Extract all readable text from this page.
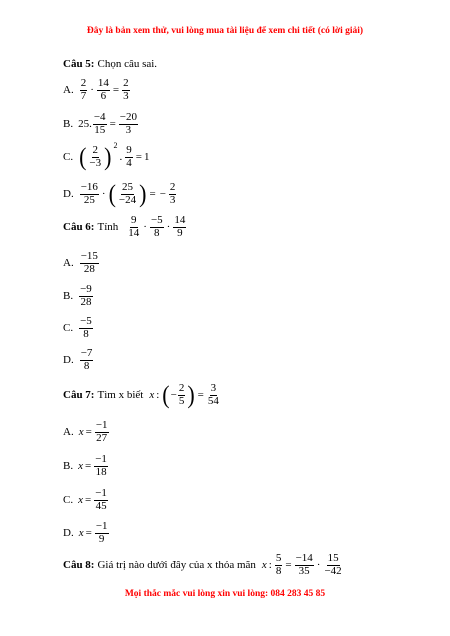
Đây là bản xem thử, vui lòng mua tài liệu để xem chi tiết (có lời giải)
Câu 5: Chọn câu sai.
A. $\frac{2}{7} \cdot \frac{14}{6} = \frac{2}{3}$
B. 25. $\frac{-4}{15} = \frac{-20}{3}$
C. ( $\frac{2}{-3}$ ) 2
. $\frac{9}{4} = 1$
D. $\frac{-16}{25}$ · ( $\frac{25}{-24}$ ) = − $\frac{2}{3}$
Câu 6: Tính $\frac{9}{14} \cdot \frac{-5}{8} \cdot \frac{14}{9}$
A. $\frac{-15}{28}$
B. $\frac{-9}{28}$
C. $\frac{-5}{8}$
D. $\frac{-7}{8}$
Câu 7: Tìm x biết x : ( − $\frac{2}{5}$ ) = $\frac{3}{54}$
A. $x = \frac{-1}{27}$
B. $x = \frac{-1}{18}$
C. $x = \frac{-1}{45}$
D. $x = \frac{-1}{9}$
Câu 8: Giá trị nào dưới đây của x thỏa mãn x : $\frac{5}{8} = \frac{-14}{35} \cdot \frac{15}{-42}$
Mọi thắc mắc vui lòng xin vui lòng: 084 283 45 85
